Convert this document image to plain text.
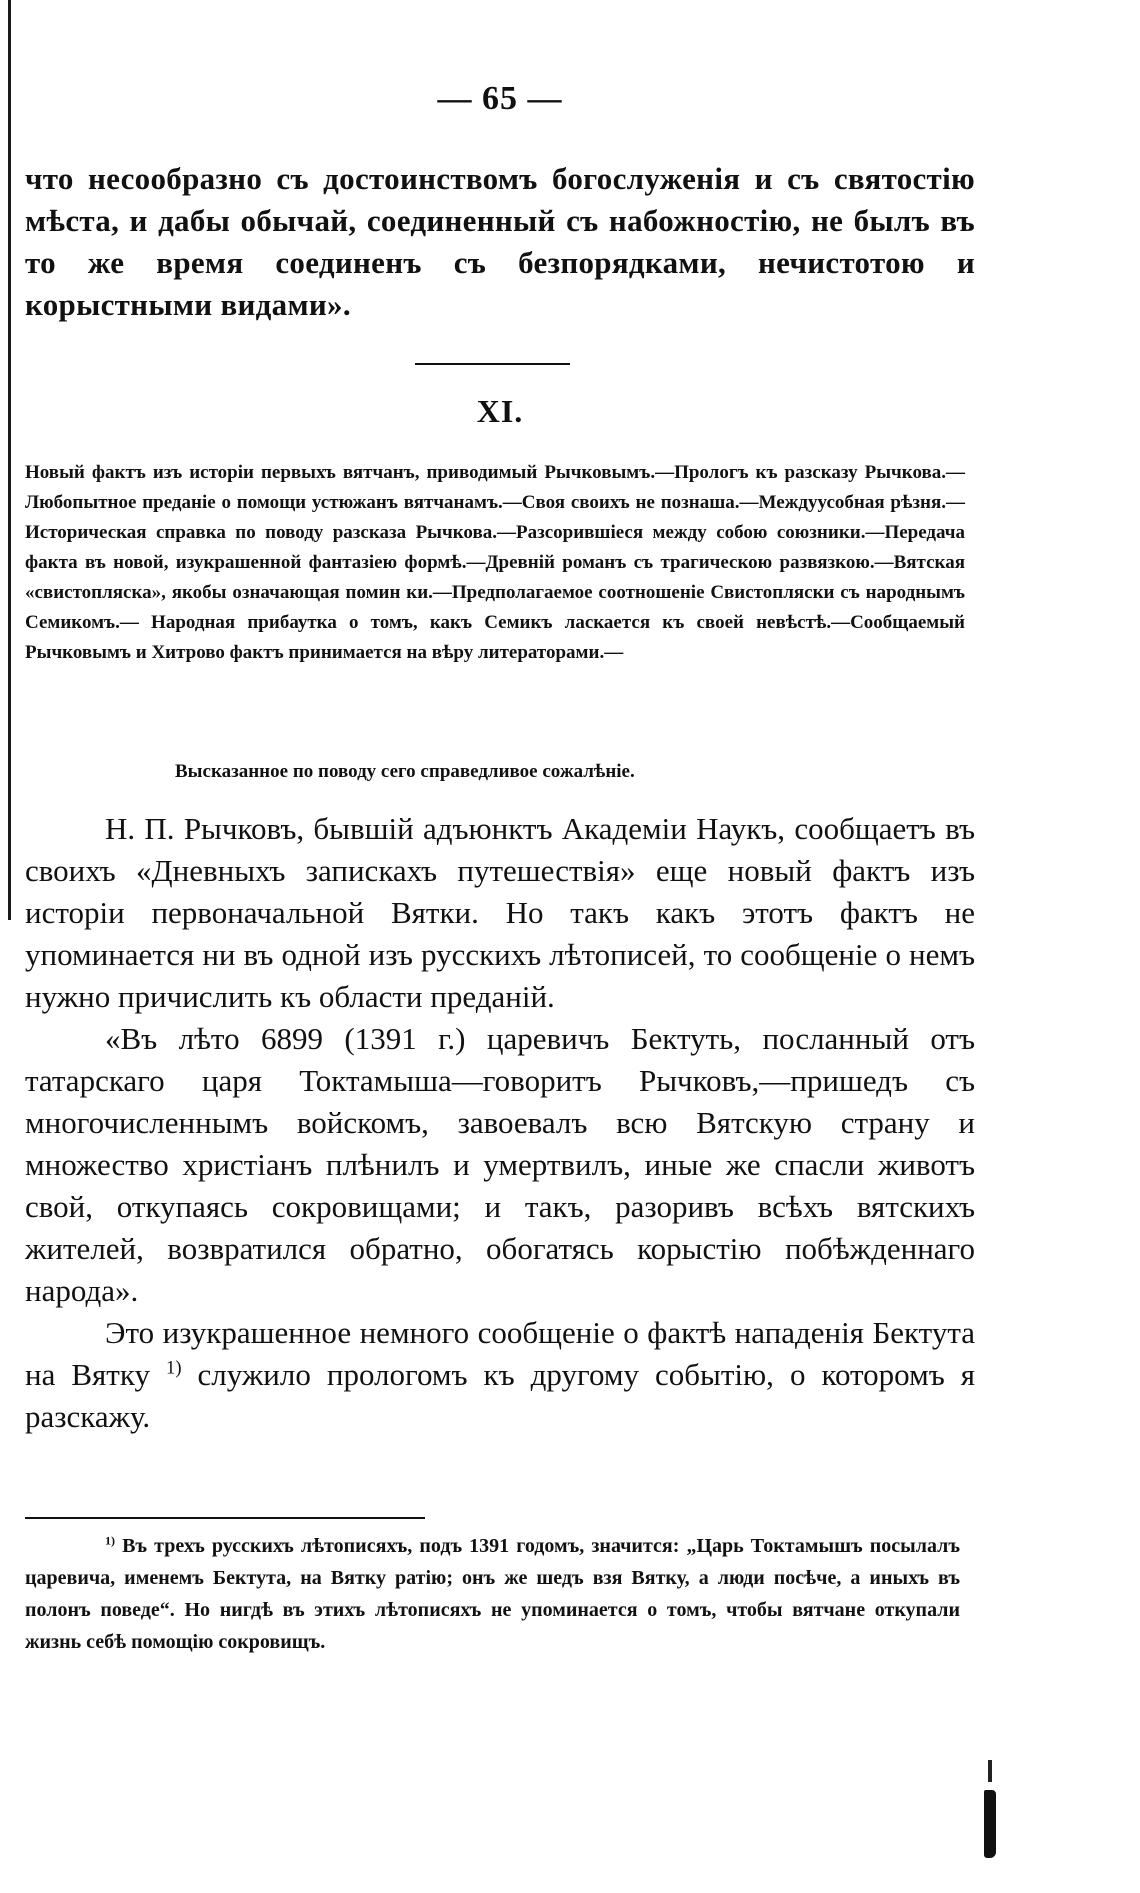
— 65 —

что несообразно съ достоинствомъ богослуженія и съ святостію мѣста, и дабы обычай, соединенный съ набожностію, не былъ въ то же время соединенъ съ безпорядками, нечистотою и корыстными видами».

XI.

Новый фактъ изъ исторіи первыхъ вятчанъ, приводимый Рычковымъ.—Прологъ къ разсказу Рычкова.—Любопытное преданіе о помощи устюжанъ вятчанамъ.—Своя своихъ не познаша.—Междуусобная рѣзня.—Историческая справка по поводу разсказа Рычкова.—Разсорившіеся между собою союзники.—Передача факта въ новой, изукрашенной фантазіею формѣ.—Древній романъ съ трагическою развязкою.—Вятская «свистопляска», якобы означающая помин ки.—Предполагаемое соотношеніе Свистопляски съ народнымъ Семикомъ.— Народная прибаутка о томъ, какъ Семикъ ласкается къ своей невѣстѣ.—Сообщаемый Рычковымъ и Хитрово фактъ принимается на вѣру литераторами.—

Высказанное по поводу сего справедливое сожалѣніе.

Н. П. Рычковъ, бывшій адъюнктъ Академіи Наукъ, сообщаетъ въ своихъ «Дневныхъ запискахъ путешествія» еще новый фактъ изъ исторіи первоначальной Вятки. Но такъ какъ этотъ фактъ не упоминается ни въ одной изъ русскихъ лѣтописей, то сообщеніе о немъ нужно причислить къ области преданій.

«Въ лѣто 6899 (1391 г.) царевичъ Бектуть, посланный отъ татарскаго царя Токтамыша—говоритъ Рычковъ,—пришедъ съ многочисленнымъ войскомъ, завоевалъ всю Вятскую страну и множество христіанъ плѣнилъ и умертвилъ, иные же спасли животъ свой, откупаясь сокровищами; и такъ, разоривъ всѣхъ вятскихъ жителей, возвратился обратно, обогатясь корыстію побѣжденнаго народа».

Это изукрашенное немного сообщеніе о фактѣ нападенія Бектута на Вятку $^{1)}$ служило прологомъ къ другому событію, о которомъ я разскажу.

$^{1)}$ Въ трехъ русскихъ лѣтописяхъ, подъ 1391 годомъ, значится: „Царь Токтамышъ посылалъ царевича, именемъ Бектута, на Вятку ратію; онъ же шедъ взя Вятку, а люди посѣче, а иныхъ въ полонъ поведе“. Но нигдѣ въ этихъ лѣтописяхъ не упоминается о томъ, чтобы вятчане откупали жизнь себѣ помощію сокровищъ.
